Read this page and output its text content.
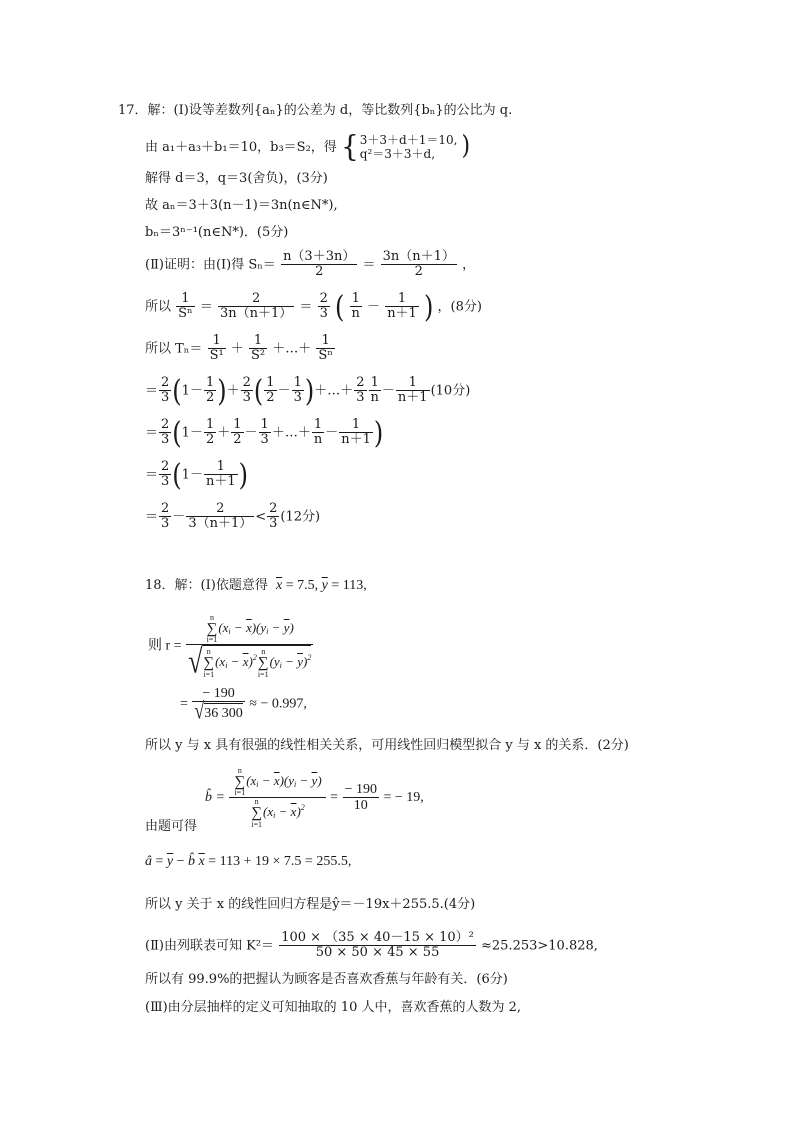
17．解：(Ⅰ)设等差数列{aₙ}的公差为 d，等比数列{bₙ}的公比为 q.
由 a₁＋a₃＋b₁＝10，b₃＝S₂，得 { 3＋3＋d＋1＝10,
q²＝3＋3＋d,	)
解得 d＝3，q＝3(舍负)，(3分)
故 aₙ＝3＋3(n－1)＝3n(n∈N*),
bₙ＝3ⁿ⁻¹(n∈N*)．(5分)
(Ⅱ)证明：由(Ⅰ)得 $S_n= \frac{n(3+3n)}{2} = \frac{3n(n+1)}{2}$ ，
所以 $\frac{1}{\text{Sⁿ}} = \frac{2}{3n(n+1)} = \frac{2}{3}$ ( $\frac{1}{n} - \frac{1}{n+1}$ ) ，(8分)
所以 $T_n= \frac{1}{\text{S¹}} + \frac{1}{\text{S²}}$ ＋…＋ $\frac{1}{\text{Sⁿ}}$
＝ $\frac{2}{3} (1- \frac{1}{2}$ )＋ $\frac{2}{3}$ ( $\frac{1}{2} - \frac{1}{3}$ )＋…＋ $\frac{2}{3} \frac{1}{n} - \frac{1}{n+1} (10$分)
＝ $\frac{2}{3} (1- \frac{1}{2} + \frac{1}{2} - \frac{1}{3}$ ＋…＋ $\frac{1}{n} - \frac{1}{n+1}$ )
＝ $\frac{2}{3} (1- \frac{1}{n+1}$ )
＝ $\frac{2}{3} - \frac{2}{3(n+1)} < \frac{2}{3} (12$分)
18．解：(Ⅰ)依题意得 $\overline{x} = 7.5$, $\overline{y} = 113$,
则 r = n
∑
i=1
$(x_i - \overline{x})(y_i - \overline{y})$
√ n
∑
i=1
$(x_i - \overline{x})^2$
n
∑
i=1
$(y_i - \overline{y})^2$
= $\frac{- 190}{√36 300}$ ≈ − 0.997,
所以 y 与 x 具有很强的线性相关关系，可用线性回归模型拟合 y 与 x 的关系．(2分)
b̂ = n
∑
i=1
$(x_i - \overline{x})(y_i - \overline{y})$
n
∑
i=1
$(x_i - \overline{x})^2 = \frac{- 190}{10}$ = − 19,
由题可得
â = $\overline{y}$ − b̂ $\overline{x} = 113 + 19 \times 7.5 = 255.5$,
所以 y 关于 x 的线性回归方程是ŷ＝－19x＋255.5.(4分)
(Ⅱ)由列联表可知 $K^2= \frac{\text{100 × （35 × 40－15 × 10）²}}{50 \times 50 \times 45 \times 55} \approx 25.253>10.828$,
所以有 99.9%的把握认为顾客是否喜欢香蕉与年龄有关．(6分)
(Ⅲ)由分层抽样的定义可知抽取的 10 人中，喜欢香蕉的人数为 2,
